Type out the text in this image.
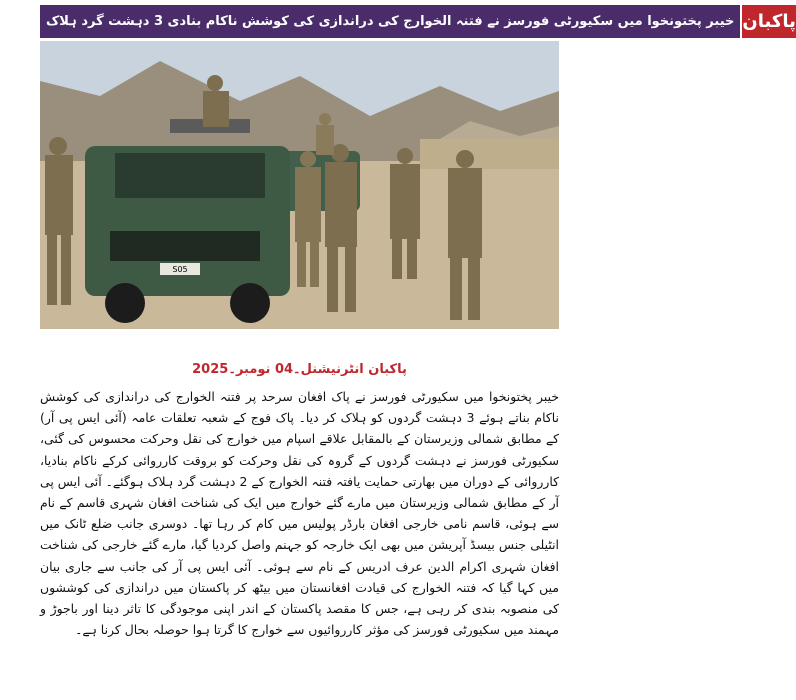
خیبر پختونخوا میں سکیورٹی فورسز نے فتنہ الخوارج کی دراندازی کی کوشش ناکام بنادی 3 دہشت گرد ہلاک پاکبان
S05
پاکبان انٹرنیشنل۔04 نومبر۔2025

خیبر پختونخوا میں سکیورٹی فورسز نے پاک افغان سرحد پر فتنہ الخوارج کی دراندازی کی کوشش ناکام بناتے ہوئے 3 دہشت گردوں کو ہلاک کر دیا۔ پاک فوج کے شعبہ تعلقات عامہ (آئی ایس پی آر) کے مطابق شمالی وزیرستان کے بالمقابل علاقے اسپام میں خوارج کی نقل وحرکت محسوس کی گئی، سکیورٹی فورسز نے دہشت گردوں کے گروہ کی نقل وحرکت کو بروقت کارروائی کرکے ناکام بنادیا، کارروائی کے دوران میں بھارتی حمایت یافتہ فتنہ الخوارج کے 2 دہشت گرد ہلاک ہوگئے۔ آئی ایس پی آر کے مطابق شمالی وزیرستان میں مارے گئے خوارج میں ایک کی شناخت افغان شہری قاسم کے نام سے ہوئی، قاسم نامی خارجی افغان بارڈر پولیس میں کام کر رہا تھا۔ دوسری جانب ضلع ٹانک میں انٹیلی جنس بیسڈ آپریشن میں بھی ایک خارجہ کو جہنم واصل کردیا گیا، مارے گئے خارجی کی شناخت افغان شہری اکرام الدین عرف ادریس کے نام سے ہوئی۔ آئی ایس پی آر کی جانب سے جاری بیان میں کہا گیا کہ فتنہ الخوارج کی قیادت افغانستان میں بیٹھ کر پاکستان میں دراندازی کی کوششوں کی منصوبہ بندی کر رہی ہے، جس کا مقصد پاکستان کے اندر اپنی موجودگی کا تاثر دینا اور باجوڑ و مہمند میں سکیورٹی فورسز کی مؤثر کارروائیوں سے خوارج کا گرتا ہوا حوصلہ بحال کرنا ہے۔
